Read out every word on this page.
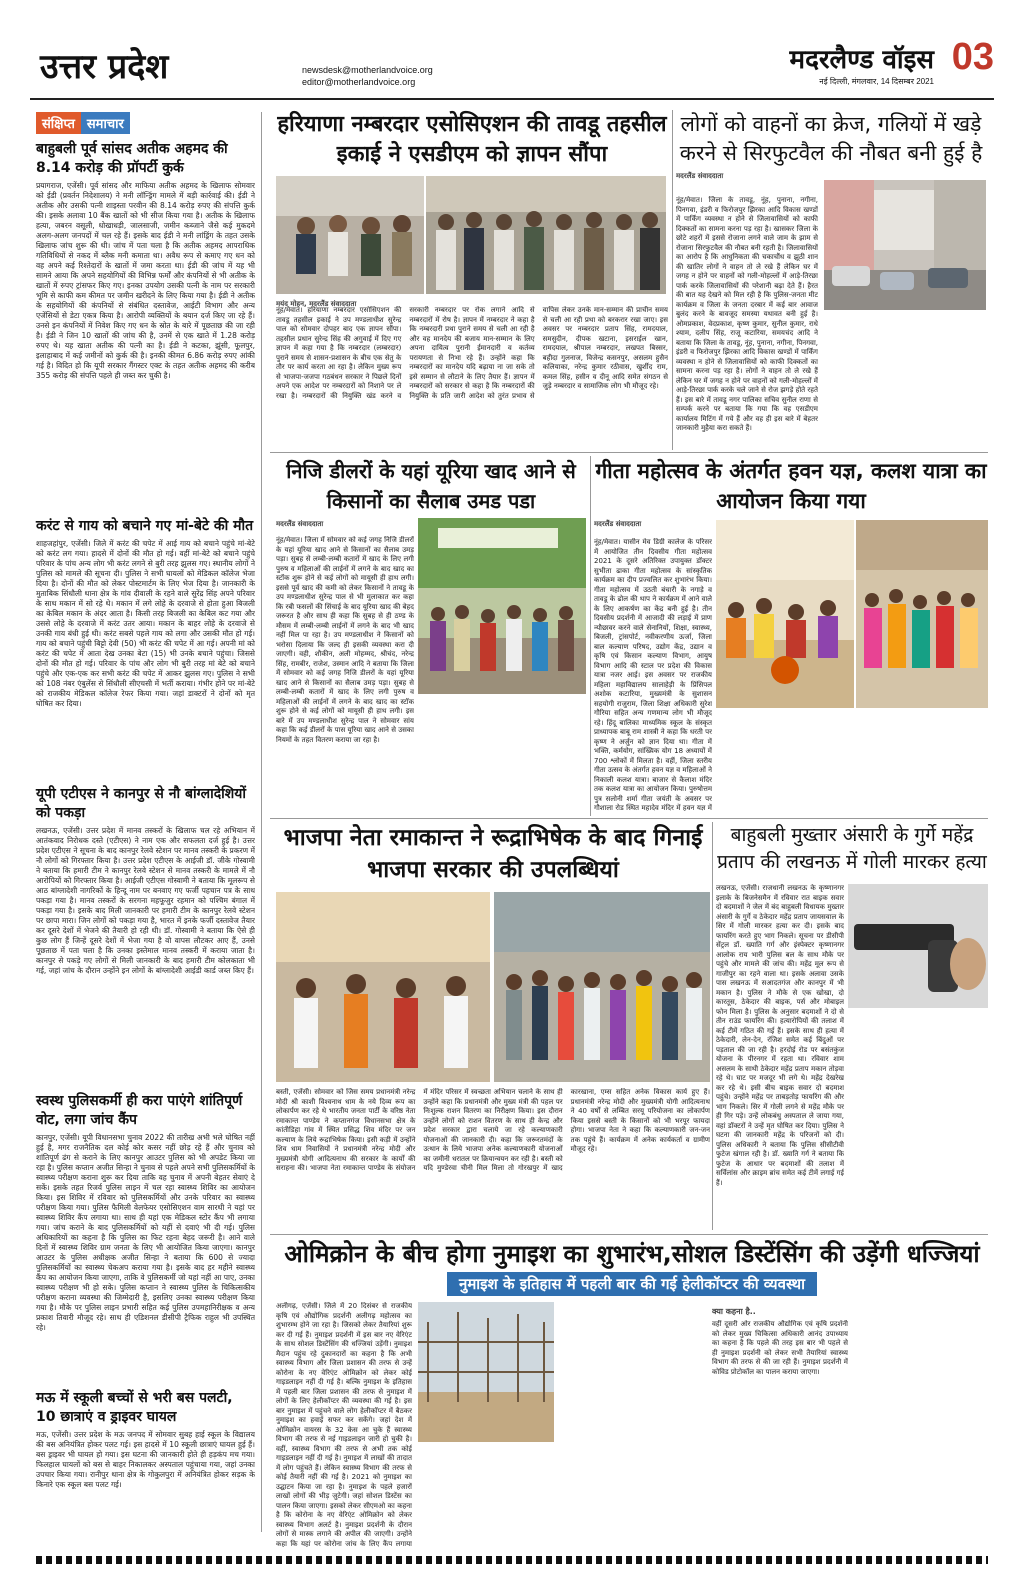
उत्तर प्रदेश	newsdesk@motherlandvoice.org
editor@motherlandvoice.org
मदरलैण्ड वॉइस
नई दिल्ली, मंगलवार, 14 दिसम्बर 2021
03
संक्षिप्त समाचार
बाहुबली पूर्व सांसद अतीक अहमद की 8.14 करोड़ की प्रॉपर्टी कुर्क

प्रयागराज, एजेंसी। पूर्व सांसद और माफिया अतीक अहमद के खिलाफ सोमवार को ईडी (प्रवर्तन निदेशालय) ने मनी लॉन्ड्रिंग मामले में बड़ी कार्रवाई की। ईडी ने अतीक और उसकी पत्नी शाइस्ता परवीन की 8.14 करोड़ रुपए की संपत्ति कुर्क की। इसके अलावा 10 बैंक खातों को भी सीज किया गया है। अतीक के खिलाफ हत्या, जबरन वसूली, धोखाधड़ी, जालसाजी, जमीन कब्जाने जैसे कई मुकदमे अलग-अलग जनपदों में चल रहे हैं। इसके बाद ईडी ने मनी लांड्रिंग के तहत उसके खिलाफ जांच शुरू की थी। जांच में पता चला है कि अतीक अहमद आपराधिक गतिविधियों से नकद में ब्लैक मनी कमाता था। अवैध रूप से कमाए गए धन को वह अपने कई रिश्तेदारों के खातों में जमा करता था। ईडी की जांच में यह भी सामने आया कि अपने सहयोगियों की विभिन्न फर्मों और कंपनियों से भी अतीक के खातों में रुपए ट्रांसफर किए गए। इनका उपयोग उसकी पत्नी के नाम पर सरकारी भूमि से काफी कम कीमत पर जमीन खरीदने के लिए किया गया है। ईडी ने अतीक के सहयोगियों की कंपनियों से संबंधित दस्तावेज, आईटी विभाग और अन्य एजेंसियों से डेटा एकत्र किया है। आरोपी व्यक्तियों के बयान दर्ज किए जा रहे हैं। उनसे इन कंपनियों में निवेश किए गए धन के स्रोत के बारे में पूछताछ की जा रही है। ईडी ने जिन 10 खातों की जांच की है, उनमें से एक खाते में 1.28 करोड़ रुपए थे। यह खाता अतीक की पत्नी का है। ईडी ने कटका, झूंसी, फूलपुर, इलाहाबाद में कई जमीनों को कुर्क की है। इनकी कीमत 6.86 करोड़ रुपए आंकी गई है। विदित हो कि यूपी सरकार गैंगस्टर एक्ट के तहत अतीक अहमद की करीब 355 करोड़ की संपत्ति पहले ही जब्त कर चुकी है।

करंट से गाय को बचाने गए मां-बेटे की मौत

शाहजहांपुर, एजेंसी। जिले में करंट की चपेट में आई गाय को बचाने पहुंचे मां-बेटे को करंट लग गया। हादसे में दोनों की मौत हो गई। वहीं मां-बेटे को बचाने पहुंचे परिवार के पांच अन्य लोग भी करंट लगने से बुरी तरह झुलस गए। स्थानीय लोगों ने पुलिस को मामले की सूचना दी। पुलिस ने सभी घायलों को मेडिकल कॉलेज भेजा दिया है। दोनों की मौत को लेकर पोस्टमार्टम के लिए भेज दिया है। जानकारी के मुताबिक सिंधौली थाना क्षेत्र के गांव दीवाली के रहने वाले सुरेंद्र सिंह अपने परिवार के साथ मकान में सो रहे थे। मकान में लगे लोहे के दरवाजे से होता हुआ बिजली का केबिल मकान के अंदर आता है। किसी तरह बिजली का केबिल कट गया और उससे लोहे के दरवाजे में करंट उतर आया। मकान के बाहर लोहे के दरवाजे से उनकी गाय बंधी हुई थी। करंट सबसे पहले गाय को लगा और उसकी मौत हो गई। गाय को बचाने पहुंची बिट्टो देवी (50) भी करंट की चपेट में आ गई। अपनी मां को करंट की चपेट में आता देख उनका बेटा (15) भी उनके बचाने पहुंचा। जिससे दोनों की मौत हो गई। परिवार के पांच और लोग भी बुरी तरह मां बेटे को बचाने पहुंचे और एक-एक कर सभी करंट की चपेट में आकर झुलस गए। पुलिस ने सभी को 108 नंबर एंबुलेंस से सिंधौली सीएचसी में भर्ती कराया। गंभीर होने पर मां-बेटे को राजकीय मेडिकल कॉलेज रेफर किया गया। जहां डाक्टरों ने दोनों को मृत घोषित कर दिया।

यूपी एटीएस ने कानपुर से नौ बांग्लादेशियों को पकड़ा

लखनऊ, एजेंसी। उत्तर प्रदेश में मानव तस्करों के खिलाफ चल रहे अभियान में आतंकवाद निरोधक दस्ते (एटीएस) ने नाम एक और सफलता दर्ज हुई है। उत्तर प्रदेश एटीएस ने सूचना के बाद कानपुर रेलवे स्टेशन पर मानव तस्करी के प्रकरण में नौ लोगों को गिरफ्तार किया है। उत्तर प्रदेश एटीएस के आईजी डॉ. जीके गोस्वामी ने बताया कि हमारी टीम ने कानपुर रेलवे स्टेशन से मानव तस्करी के मामले में नौ आरोपियों को गिरफ्तार किया है। आईजी एटीएस गोस्वामी ने बताया कि मूलरूप से आठ बांग्लादेशी नागरिकों के हिन्दू नाम पर बनवाए गए फर्जी पहचान पत्र के साथ पकड़ा गया है। मानव तस्करों के सरगना महफूजुर रहमान को पश्चिम बंगाल में पकड़ा गया है। इसके बाद मिली जानकारी पर हमारी टीम के कानपुर रेलवे स्टेशन पर छापा मारा। जिन लोगों को पकड़ा गया है, भारत में इनके फर्जी दस्तावेज तैयार कर दूसरे देशों में भेजने की तैयारी हो रही थी। डॉ. गोस्वामी ने बताया कि ऐसे ही कुछ लोग हैं जिन्हें दूसरे देशों में भेजा गया है वो वापस लौटकर आए हैं, उनसे पूछताछ में पता चला है कि उनका इस्तेमाल मानव तस्करी में कराया जाता है। कानपुर से पकड़े गए लोगों से मिली जानकारी के बाद हमारी टीम कोलकाता भी गई, जहां जांच के दौरान उन्होंने इन लोगों के बांग्लादेशी आईडी कार्ड जब्त किए हैं।

स्वस्थ पुलिसकर्मी ही करा पाएंगे शांतिपूर्ण वोट, लगा जांच कैंप

कानपुर, एजेंसी। यूपी विधानसभा चुनाव 2022 की तारीख अभी भले घोषित नहीं हुई है, मगर राजनैतिक दल कोई कोर कसर नहीं छोड़ रहे हैं और चुनाव को शांतिपूर्ण ढंग से कराने के लिए कानपुर आउटर पुलिस को भी अपडेट किया जा रहा है। पुलिस कप्तान अजीत सिन्हा ने चुनाव से पहले अपने सभी पुलिसकर्मियों के स्वास्थ्य परीक्षण कराना शुरू कर दिया ताकि वह चुनाव में अपनी बेहतर सेवाएं दे सकें। इसके तहत रिजर्व पुलिस लाइन में चल रहा स्वास्थ्य शिविर का आयोजन किया। इस शिविर में रविवार को पुलिसकर्मियों और उनके परिवार का स्वास्थ्य परीक्षण किया गया। पुलिस फैमिली वेलफेयर एसोसिएशन वाम सारथी ने यहां पर स्वास्थ्य शिविर कैंप लगाया था। साथ ही यहां एक मेडिकल स्टोर कैंप भी लगाया गया। जांच कराने के बाद पुलिसकर्मियों को यहीं से दवाएं भी दी गई। पुलिस अधिकारियों का कहना है कि पुलिस का फिट रहना बेहद जरूरी है। आने वाले दिनों में स्वास्थ्य शिविर ग्राम जनता के लिए भी आयोजित किया जाएगा। कानपुर आउटर के पुलिस अधीक्षक अजीत सिन्हा ने बताया कि 600 से ज्यादा पुलिसकर्मियों का स्वास्थ्य चेकअप कराया गया है। इसके बाद हर महीने स्वास्थ्य कैंप का आयोजन किया जाएगा, ताकि वे पुलिसकर्मी जो यहां नहीं आ पाए, उनका स्वास्थ्य परीक्षण भी हो सके। पुलिस कप्तान ने स्वास्थ्य पुलिस के चिकित्सकीय परीक्षण कराना व्यवस्था की जिम्मेदारी है, इसलिए उनका स्वास्थ्य परीक्षण किया गया है। मौके पर पुलिस लाइन प्रभारी सहित कई पुलिस उपमहानिरीक्षक व अन्य प्रकाश तिवारी मौजूद रहे। साथ ही एडिशनल डीसीपी ट्रैफिक राहुल भी उपस्थित रहे।

मऊ में स्कूली बच्चों से भरी बस पलटी, 10 छात्राएं व ड्राइवर घायल

मऊ, एजेंसी। उत्तर प्रदेश के मऊ जनपद में सोमवार सुबह हाई स्कूल के विद्यालय की बस अनियंत्रित होकर पलट गई। इस हादसे में 10 स्कूली छात्राएं घायल हुई हैं। बस ड्राइवर भी घायल हो गया। इस घटना की जानकारी होते ही हड़कंप मच गया। फिलहाल घायलों को बस से बाहर निकालकर अस्पताल पहुंचाया गया, जहां उनका उपचार किया गया। रानीपुर थाना क्षेत्र के गोकुलपुरा में अनियंत्रित होकर सड़क के किनारे एक स्कूल बस पलट गई।

हरियाणा नम्बरदार एसोसिएशन की तावडू तहसील इकाई ने एसडीएम को ज्ञापन सौंपा
मयंद मोहन, मदरलैंड संवाददाता
नूंह/मेवात। हरियाणा नम्बरदार एसोसिएशन की तावडू तहसील इकाई ने उप मण्डलाधीश सुरेन्द्र पाल को सोमवार दोपहर बाद एक ज्ञापन सौंपा। तहसील प्रधान सुरेन्द्र सिंह की अगुवाई में दिए गए ज्ञापन में कहा गया है कि नम्बरदार (लम्बरदार) पुराने समय से शासन-प्रशासन के बीच एक सेतु के तौर पर कार्य करता आ रहा है। लेकिन मुख्य रूप से भाजपा-जजपा गठबंधन सरकार ने पिछले दिनों अपने एक आदेश पर नम्बरदारों को निशाने पर ले रखा है। नम्बरदारों की नियुक्ति खंड करने व सरकारी नम्बरदार पर रोक लगाने आदि से नम्बरदारों में रोष है। ज्ञापन में नम्बरदार ने कहा है कि नम्बरदारी प्रथा पुराने समय से चली आ रही है और वह मानदेय की बजाय मान-सम्मान के लिए अपना दायित्व पुरानी ईमानदारी व कर्तव्य परायणता से निभा रहे हैं। उन्होंने कहा कि नम्बरदारों का मानदेय यदि बढ़ाया ना जा सके तो इसे सम्मान से लौटाने के लिए तैयार हैं। ज्ञापन में नम्बरदारों को सरकार से कहा है कि नम्बरदारों की नियुक्ति के प्रति जारी आदेश को तुरंत प्रभाव से वापिस लेकर उनके मान-सम्मान की प्राचीन समय से चली आ रही प्रथा को बरकरार रखा जाए। इस अवसर पर नम्बरदार प्रताप सिंह, रामदयाल, समसुदीन, दीपक खटाना, इसराईल खान, रामदयाल, श्रीपाल नम्बरदार, लखपत बिस्सर, बहीदा गुलनाज, विजेन्द्र कसनपुर, असलम हुसैन कलियाका, नरेन्द्र कुमार रठीवास, खुर्शीद राम, कमल सिंह, हसीन व दीनू आदि समेत संगठन से जुड़े नम्बरदार व सामाजिक लोग भी मौजूद रहे।
लोगों को वाहनों का क्रेज, गलियों में खड़े करने से सिरफुटवैल की नौबत बनी हुई है
मदरलैंड संवाददाता
नूंह/मेवात। जिला के तावडू, नूंह, पुनाना, नगीना, पिनगवा, इंडरी व फिरोजपुर झिरका आदि विकास खण्डों में पार्किंग व्यवस्था न होने से जिलावासियों को काफी दिक्कतों का सामना करना पड़ रहा है। खासकर जिला के छोटे शहरों में इससे रोजाना लगने वाले जाम के झाम से रोजाना सिरफुटवैल की नौबत बनी रहती है। जिलावासियों का आरोप है कि आधुनिकता की चकाचौंध व झूठी शान की खातिर लोगों ने वाहन तो ले रखे हैं लेकिन घर में जगह न होने पर वाहनों को गली-मोहल्लों में आड़े-तिरछा पार्क करके जिलावासियों की परेशानी बढ़ा देते हैं। हैरत की बात यह देखने को मिल रही है कि पुलिस-जनता मीट कार्यक्रम व जिला के जनता दरबार में कई बार आवाज बुलंद करने के बावजूद समस्या यथावत बनी हुई है। ओमप्रकाश, वेदप्रकाश, कृष्ण कुमार, सुनील कुमार, राधे श्याम, दलीप सिंह, राजू कटारिया, समयचंद आदि ने बताया कि जिला के तावडू, नूंह, पुनाना, नगीना, पिनगवा, इंडरी व फिरोजपुर झिरका आदि विकास खण्डों में पार्किंग व्यवस्था न होने से जिलावासियों को काफी दिक्कतों का सामना करना पड़ रहा है। लोगों ने वाहन तो ले रखे हैं लेकिन घर में जगह न होने पर वाहनों को गली-मोहल्लों में आड़े-तिरछा पार्क करके चले जाने से रोज झगड़े होते रहते हैं। इस बारे में तावडू नगर पालिका सचिव सुनील राणा से सम्पर्क करने पर बताया कि गया कि वह एसडीएम कार्यालय मिटिंग में गये हैं और वह ही इस बारे में बेहतर जानकारी मुहैया करा सकते हैं।
निजि डीलरों के यहां यूरिया खाद आने से किसानों का सैलाब उमड पडा
मदरलैंड संवाददाता
नूंह/मेवात। जिला में सोमवार को कई जगह निजि डीलरों के यहां यूरिया खाद आने से किसानों का सैलाब उमड़ पड़ा। सुबह से लम्बी-लम्बी कतारों में खाद के लिए लगी पुरुष व महिलाओं की लाईनों में लगने के बाद खाद का स्टॉक शुरू होने से कई लोगों को मायूसी ही हाथ लगी। इससे पूर्व खाद की कमी को लेकर किसानों ने तावडू के उप मण्डलाधीश सुरेन्द्र पाल से भी मुलाकात कर कहा कि रबी फसलों की सिंचाई के बाद यूरिया खाद की बेहद जरूरत है और साथ ही कहा कि सुबह से ही ठण्ड के मौसम में लम्बी-लम्बी लाईनों में लगने के बाद भी खाद नहीं मिल पा रहा है। उप मण्डलाधीश ने किसानों को भरोसा दिलाया कि जल्द ही इसकी व्यवस्था करा दी जाएगी। वही, शौकीन, अली मोहम्मद, श्रीचंद, नरेन्द्र सिंह, रामबीर, राजेश, उस्मान आदि ने बताया कि जिला में सोमवार को कई जगह निजि डीलरों के यहां यूरिया खाद आने से किसानों का सैलाब उमड़ पड़ा। सुबह से लम्बी-लम्बी कतारों में खाद के लिए लगी पुरुष व महिलाओं की लाईनों में लगने के बाद खाद का स्टॉक शुरू होने से कई लोगों को मायूसी ही हाथ लगी। इस बारे में उप मण्डलाधीश सुरेन्द्र पाल ने सोमवार सांय कहा कि कई डीलरों के पास यूरिया खाद आने से उसका नियमों के तहत वितरण कराया जा रहा है।
गीता महोत्सव के अंतर्गत हवन यज्ञ, कलश यात्रा का आयोजन किया गया
मदरलैंड संवाददाता
नूंह/मेवात। यासीन मेव डिग्री कालेज के परिसर में आयोजित तीन दिवसीय गीता महोत्सव 2021 के दूसरे अतिरिक्त उपायुक्त डॉक्टर सुभीता ढाका गीता महोत्सव के सांस्कृतिक कार्यक्रम का दीप प्रज्वलित कर शुभारंभ किया। गीता महोत्सव में उठती बंचारी के नगाड़े व तावडू के ढोल की थाप ने कार्यक्रम में आने वाले के लिए आकर्षण का केंद्र बनी हुई है। तीन दिवसीय प्रदर्शनी में आजादी की लड़ाई में प्राण न्यौछावर करने वाले सेनानियों, शिक्षा, स्वास्थ्य, बिजली, ट्रांसपोर्ट, नवीकरणीय ऊर्जा, जिला बाल कल्याण परिषद, उद्योग केंद्र, उद्यान व कृषि एवं किसान कल्याण विभाग, आयुष विभाग आदि की स्टाल पर प्रदेश की विकास यात्रा नजर आई। इस अवसर पर राजकीय महिला महाविद्यालय सालाहेड़ी के प्रिंसिपल अशोक कटारिया, मुख्यमंत्री के सुशासन सहयोगी राजुराम, जिला शिक्षा अधिकारी सुरेश गौरिया सहित अन्य गणमान्य लोग भी मौजूद रहे। हिंदू बालिका माध्यमिक स्कूल के संस्कृत प्राध्यापक बाबू राम शास्त्री ने कहा कि धरती पर कृष्ण ने अर्जुन को ज्ञान दिया था। गीता में भक्ति, कर्मयोग, सांख्यिक योग 18 अध्यायों में 700 श्लोकों में मिलता है। वहीं, जिला स्तरीय गीता उत्सव के अंतर्गत हवन यज्ञ व महिलाओं ने निकाली कलश यात्रा। बाजार से कैलाश मंदिर तक कलश यात्रा का आयोजन किया। पुरुषोत्तम पुत्र सलोनी शर्मा गीता जयंती के अवसर पर गौशाला रोड स्थित महादेव मंदिर में हवन यज्ञ में
भाजपा नेता रमाकान्त ने रूद्राभिषेक के बाद गिनाई भाजपा सरकार की उपलब्धियां
बस्ती, एजेंसी। सोमवार को जिस समय प्रधानमंत्री नरेन्द्र मोदी श्री काशी विश्वनाथ धाम के नये दिव्य रूप का लोकार्पण कर रहे थे भारतीय जनता पार्टी के वरिष्ठ नेता रमाकान्त पाण्डेय ने कप्तानगंज विधानसभा क्षेत्र के कांतीडिहा गांव में स्थित प्रसिद्ध शिव मंदिर पर जन कल्याण के लिये रूद्राभिषेक किया। इसी कड़ी में उन्होंने शिव धाम निवासियों ने प्रधानमंत्री नरेन्द्र मोदी और मुख्यमंत्री योगी आदित्यनाथ की सरकार के कार्यों की सराहना की। भाजपा नेता रमाकान्त पाण्डेय के संयोजन में मंदिर परिसर में स्वच्छता अभियान चलाने के साथ ही उन्होंने कहा कि प्रधानमंत्री और मुख्य मंत्री की पहल पर निःशुल्क राशन वितरण का निरीक्षण किया। इस दौरान उन्होंने लोगों को राशन वितरण के साथ ही केन्द्र और प्रदेश सरकार द्वारा चलाये जा रहे कल्याणकारी योजनाओं की जानकारी दी। कहा कि जरूरतमंदों के उत्थान के लिये भाजपा अनेक कल्याणकारी योजनाओं का जमीनी धरातल पर क्रियान्वयन कर रही है। बस्ती को यदि मुण्डेरवा चीनी मिल मिला तो गोरखपुर में खाद कारखाना, एम्स सहित अनेक विकास कार्य हुए हैं। प्रधानमंत्री नरेन्द्र मोदी और मुख्यमंत्री योगी आदित्यनाथ ने 40 वर्षों से लम्बित सरयू परियोजना का लोकार्पण किया इससे बस्ती के किसानों को भी भरपूर फायदा होगा। भाजपा नेता ने कहा कि कल्याणकारी जन-जन तक पहुंचे हैं। कार्यक्रम में अनेक कार्यकर्ता व ग्रामीण मौजूद रहे।
बाहुबली मुख्तार अंसारी के गुर्गे महेंद्र प्रताप की लखनऊ में गोली मारकर हत्या
लखनऊ, एजेंसी। राजधानी लखनऊ के कृष्णानगर इलाके के बिजनेसमैन में रविवार रात बाइक सवार दो बदमाशों ने जेल में बंद बाहुबली विधायक मुख्तार अंसारी के गुर्गे व ठेकेदार महेंद्र प्रताप जायसवाल के सिर में गोली मारकर हत्या कर दी। इसके बाद फायरिंग करते हुए भाग निकले। सूचना पर डीसीपी सेंट्रल डॉ. ख्याति गर्ग और इंस्पेक्टर कृष्णानगर आलोक राय भारी पुलिस बल के साथ मौके पर पहुंचे और मामले की जांच की। महेंद्र मूल रूप से गाजीपुर का रहने वाला था। इसके अलावा उसके पास लखनऊ में सआदतगंज और कानपुर में भी मकान है। पुलिस ने मौके से एक खोखा, दो कारतूस, ठेकेदार की बाइक, पर्स और मोबाइल फोन मिला है। पुलिस के अनुसार बदमाशों ने दो से तीन राउंड फायरिंग की। हत्यारोपियों की तलाश में कई टीमें गठित की गई हैं। इसके साथ ही हत्या में ठेकेदारी, लेन-देन, रंजिश समेत कई बिंदुओं पर पड़ताल की जा रही है। हरदोई रोड पर बसंतकुंज योजना के पीरनगर में रहता था। रविवार शाम असलम के साथी ठेकेदार महेंद्र प्रताप मकान तोड़वा रहे थे। घाट पर मजदूर भी लगे थे। महेंद्र देखरेख कर रहे थे। इसी बीच बाइक सवार दो बदमाश पहुंचे। उन्होंने महेंद्र पर ताबड़तोड़ फायरिंग की और भाग निकले। सिर में गोली लगने से महेंद्र मौके पर ही गिर पड़े। उन्हें लोकबंधु अस्पताल ले जाया गया, वहां डॉक्टरों ने उन्हें मृत घोषित कर दिया। पुलिस ने घटना की जानकारी महेंद्र के परिजनों को दी। पुलिस अधिकारी ने बताया कि पुलिस सीसीटीवी फुटेज खंगाल रही है। डॉ. ख्याति गर्ग ने बताया कि फुटेज के आधार पर बदमाशों की तलाश में सर्विलांस और क्राइम ब्रांच समेत कई टीमें लगाई गई हैं।
ओमिक्रोन के बीच होगा नुमाइश का शुभारंभ,सोशल डिस्टेंसिंग की उड़ेंगी धज्जियां
नुमाइश के इतिहास में पहली बार की गई हेलीकॉप्टर की व्यवस्था
अलीगढ़, एजेंसी। जिले में 20 दिसंबर से राजकीय कृषि एवं औद्योगिक प्रदर्शनी अलीगढ़ महोत्सव का शुभारम्भ होने जा रहा है। जिसको लेकर तैयारियां शुरू कर दी गई हैं। नुमाइश प्रदर्शनी में इस बार नए वेरिएंट के साथ सोशल डिस्टेंसिंग की धज्जियां उड़ेंगी। नुमाइश मैदान पहुंच रहे दुकानदारों का कहना है कि अभी स्वास्थ्य विभाग और जिला प्रशासन की तरफ से उन्हें कोरोना के नए वेरिएंट ओमिक्रोन को लेकर कोई गाइडलाइन नहीं दी गई है। बल्कि नुमाइश के इतिहास में पहली बार जिला प्रशासन की तरफ से नुमाइश में लोगों के लिए हेलीकॉप्टर की व्यवस्था की गई है। इस बार नुमाइश में पहुंचने वाले लोग हेलीकॉप्टर में बैठकर नुमाइश का हवाई सफर कर सकेंगे। जहां देश में ओमिक्रोन वायरस के 32 केस आ चुके हैं स्वास्थ्य विभाग की तरफ से नई गाइडलाइन जारी हो चुकी है। वहीं, स्वास्थ्य विभाग की तरफ से अभी तक कोई गाइडलाइन नहीं दी गई है। नुमाइश में लाखों की तादात में लोग पहुंचते हैं। लेकिन स्वास्थ्य विभाग की तरफ से कोई तैयारी नहीं की गई है। 2021 को नुमाइश का उद्घाटन किया जा रहा है। नुमाइश के पहले हजारों लाखों लोगों की भीड़ जुटेगी। जहां सोशल डिस्टेंस का पालन किया जाएगा। इसको लेकर सीएमओ का कहना है कि कोरोना के नए वेरिएंट ओमिक्रोन को लेकर स्वास्थ्य विभाग अलर्ट है। नुमाइश प्रदर्शनी के दौरान लोगों से मास्क लगाने की अपील की जाएगी। उन्होंने कहा कि यहां पर कोरोना जांच के लिए कैंप लगाया
क्या कहना है..
वहीं दूसरी ओर राजकीय औद्योगिक एवं कृषि प्रदर्शनी को लेकर मुख्य चिकित्सा अधिकारी आनंद उपाध्याय का कहना है कि पहले की तरह इस बार भी पहले से ही नुमाइश प्रदर्शनी को लेकर सभी तैयारियां स्वास्थ्य विभाग की तरफ से की जा रही हैं। नुमाइश प्रदर्शनी में कोविड प्रोटोकॉल का पालन कराया जाएगा।
